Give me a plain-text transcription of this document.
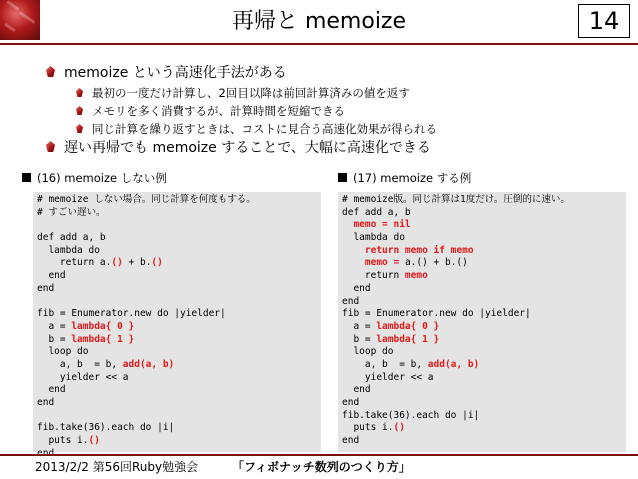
再帰と memoize	14
memoize という高速化手法がある
最初の一度だけ計算し、2回目以降は前回計算済みの値を返す
メモリを多く消費するが、計算時間を短縮できる
同じ計算を繰り返すときは、コストに見合う高速化効果が得られる
遅い再帰でも memoize することで、大幅に高速化できる
(16) memoize しない例	(17) memoize する例
# memoize しない場合。同じ計算を何度もする。
# すごい遅い。
def add a, b
lambda do
return a.() + b.()
end
end
fib = Enumerator.new do |yielder|
a = lambda{ 0 }
b = lambda{ 1 }
loop do
a, b  = b, add(a, b)
yielder << a
end
end
fib.take(36).each do |i|
puts i.()
# memoize版。同じ計算は1度だけ。圧倒的に速い。
def add a, b
memo = nil
lambda do
return memo if memo
memo = a.() + b.()
return memo
end
end
fib = Enumerator.new do |yielder|
a = lambda{ 0 }
b = lambda{ 1 }
loop do
a, b  = b, add(a, b)
yielder << a
end
end
fib.take(36).each do |i|
puts i.()
end
2013/2/2 第56回Ruby勉強会	「フィボナッチ数列のつくり方」
